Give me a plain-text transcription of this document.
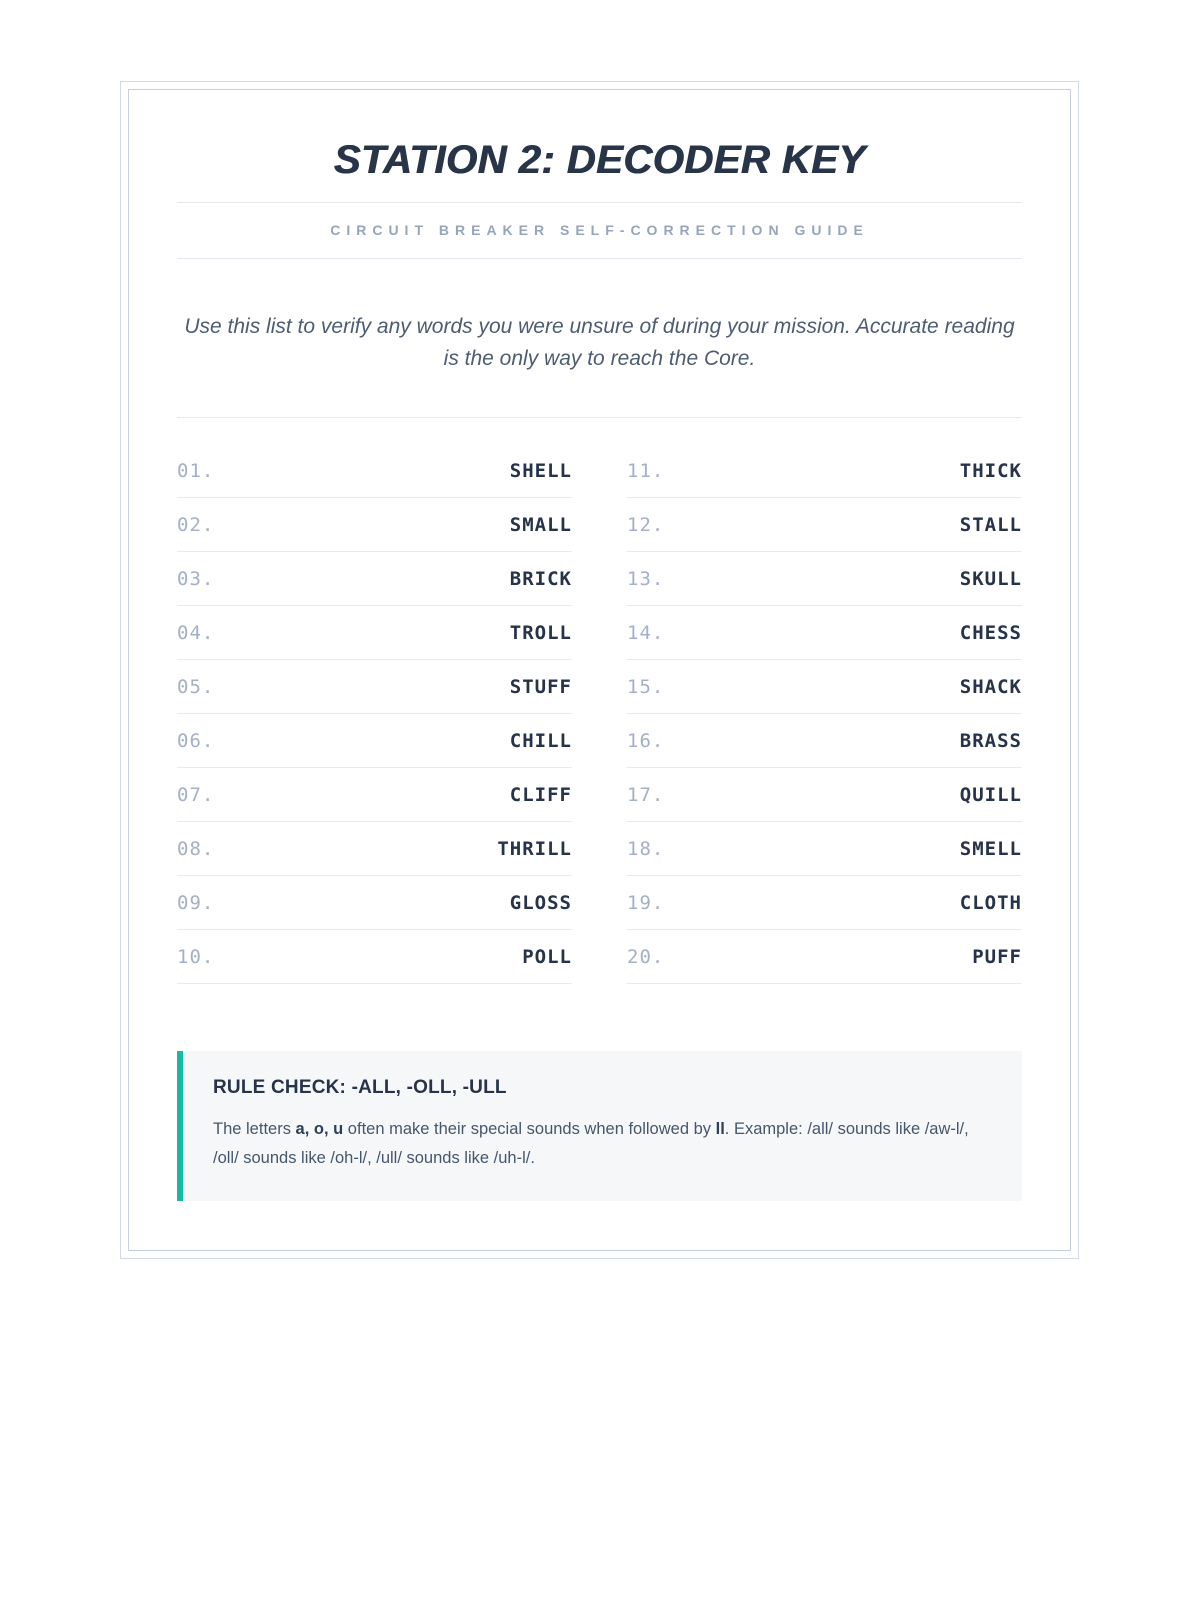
STATION 2: DECODER KEY

CIRCUIT BREAKER SELF-CORRECTION GUIDE

Use this list to verify any words you were unsure of during your mission. Accurate reading is the only way to reach the Core.

01.	SHELL
02.	SMALL
03.	BRICK
04.	TROLL
05.	STUFF
06.	CHILL
07.	CLIFF
08.	THRILL
09.	GLOSS
10.	POLL
11.	THICK
12.	STALL
13.	SKULL
14.	CHESS
15.	SHACK
16.	BRASS
17.	QUILL
18.	SMELL
19.	CLOTH
20.	PUFF

RULE CHECK: -ALL, -OLL, -ULL

The letters a, o, u often make their special sounds when followed by ll. Example: /all/ sounds like /aw-l/, /oll/ sounds like /oh-l/, /ull/ sounds like /uh-l/.
